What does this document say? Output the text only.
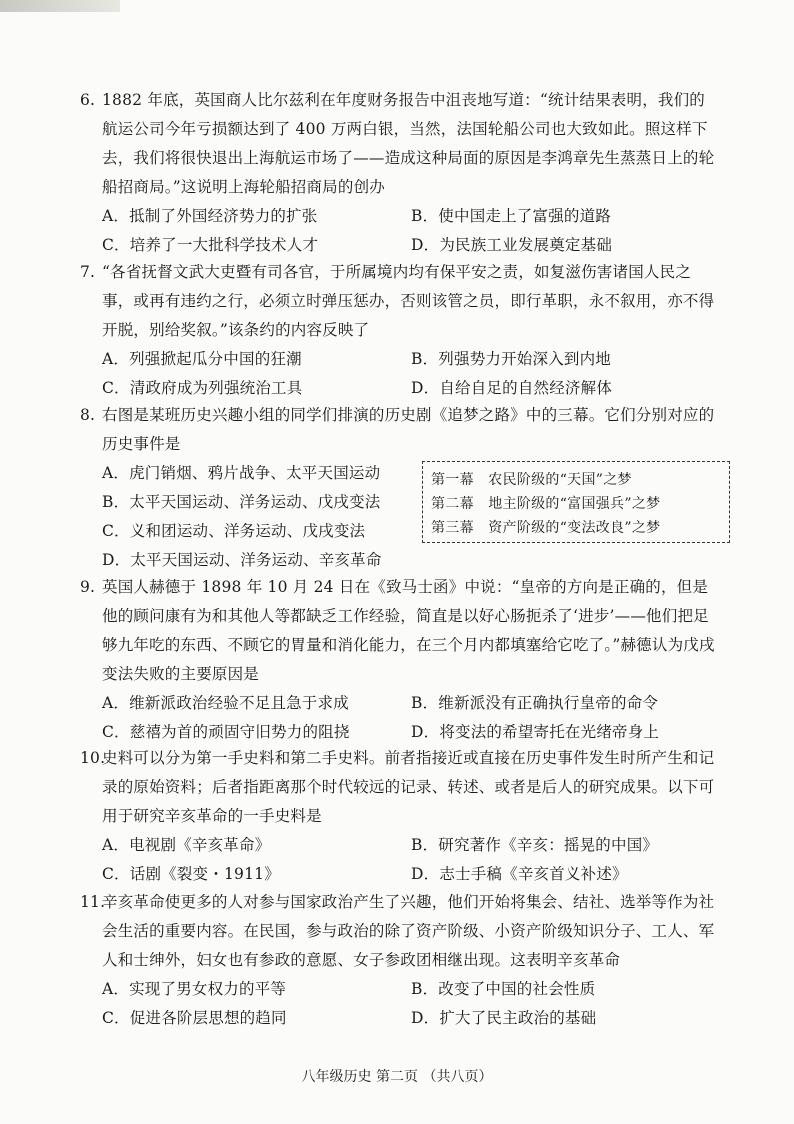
6. 1882 年底，英国商人比尔兹利在年度财务报告中沮丧地写道：“统计结果表明，我们的航运公司今年亏损额达到了 400 万两白银，当然，法国轮船公司也大致如此。照这样下去，我们将很快退出上海航运市场了——造成这种局面的原因是李鸿章先生蒸蒸日上的轮船招商局。”这说明上海轮船招商局的创办

A．抵制了外国经济势力的扩张	B．使中国走上了富强的道路
C．培养了一大批科学技术人才	D．为民族工业发展奠定基础

7. “各省抚督文武大吏暨有司各官，于所属境内均有保平安之责，如复滋伤害诸国人民之事，或再有违约之行，必须立时弹压惩办，否则该管之员，即行革职，永不叙用，亦不得开脱，别给奖叙。”该条约的内容反映了

A．列强掀起瓜分中国的狂潮	B．列强势力开始深入到内地
C．清政府成为列强统治工具	D．自给自足的自然经济解体

8. 右图是某班历史兴趣小组的同学们排演的历史剧《追梦之路》中的三幕。它们分别对应的历史事件是

A．虎门销烟、鸦片战争、太平天国运动
B．太平天国运动、洋务运动、戊戌变法
C．义和团运动、洋务运动、戊戌变法
D．太平天国运动、洋务运动、辛亥革命
第一幕　农民阶级的“天国”之梦
第二幕　地主阶级的“富国强兵”之梦
第三幕　资产阶级的“变法改良”之梦

9. 英国人赫德于 1898 年 10 月 24 日在《致马士函》中说：“皇帝的方向是正确的，但是他的顾问康有为和其他人等都缺乏工作经验，简直是以好心肠扼杀了‘进步’——他们把足够九年吃的东西、不顾它的胃量和消化能力，在三个月内都填塞给它吃了。”赫德认为戊戌变法失败的主要原因是

A．维新派政治经验不足且急于求成	B．维新派没有正确执行皇帝的命令
C．慈禧为首的顽固守旧势力的阻挠	D．将变法的希望寄托在光绪帝身上

10.史料可以分为第一手史料和第二手史料。前者指接近或直接在历史事件发生时所产生和记录的原始资料；后者指距离那个时代较远的记录、转述、或者是后人的研究成果。以下可用于研究辛亥革命的一手史料是

A．电视剧《辛亥革命》	B．研究著作《辛亥：摇晃的中国》
C．话剧《裂变・1911》	D．志士手稿《辛亥首义补述》

11.辛亥革命使更多的人对参与国家政治产生了兴趣，他们开始将集会、结社、选举等作为社会生活的重要内容。在民国，参与政治的除了资产阶级、小资产阶级知识分子、工人、军人和士绅外，妇女也有参政的意愿、女子参政团相继出现。这表明辛亥革命

A．实现了男女权力的平等	B．改变了中国的社会性质
C．促进各阶层思想的趋同	D．扩大了民主政治的基础
八年级历史 第二页 （共八页）
